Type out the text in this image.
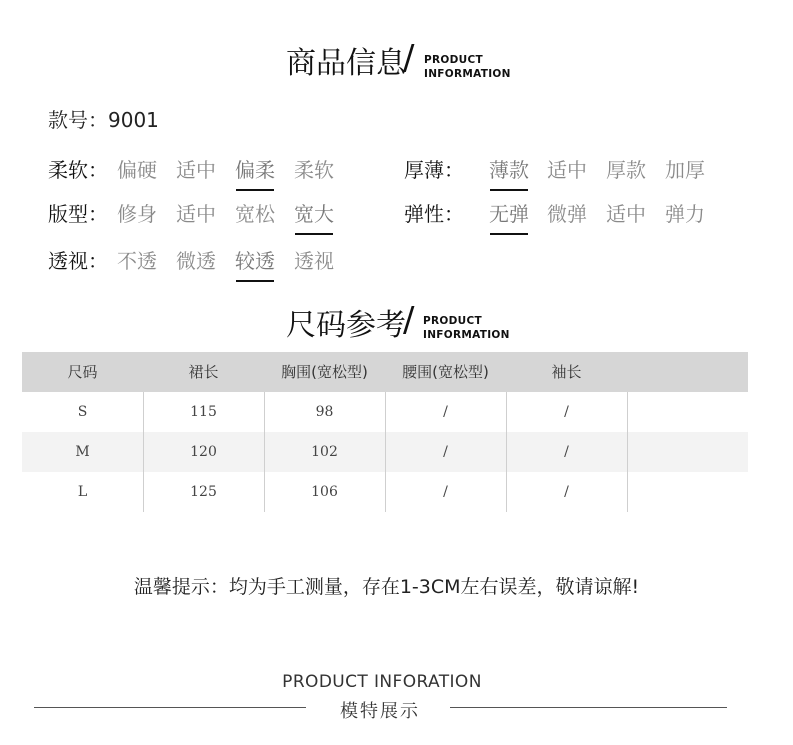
商品信息
/ PRODUCT
INFORMATION
款号：9001
柔软： 偏硬 适中 偏柔 柔软	厚薄： 薄款 适中 厚款 加厚
版型： 修身 适中 宽松 宽大	弹性： 无弹 微弹 适中 弹力
透视： 不透 微透 较透 透视
尺码参考
/ PRODUCT
INFORMATION
尺码	裙长	胸围(宽松型)	腰围(宽松型)	袖长
S	115	98	/	/
M	120	102	/	/
L	125	106	/	/
温馨提示：均为手工测量，存在1-3CM左右误差，敬请谅解!
PRODUCT INFORATION
模特展示
